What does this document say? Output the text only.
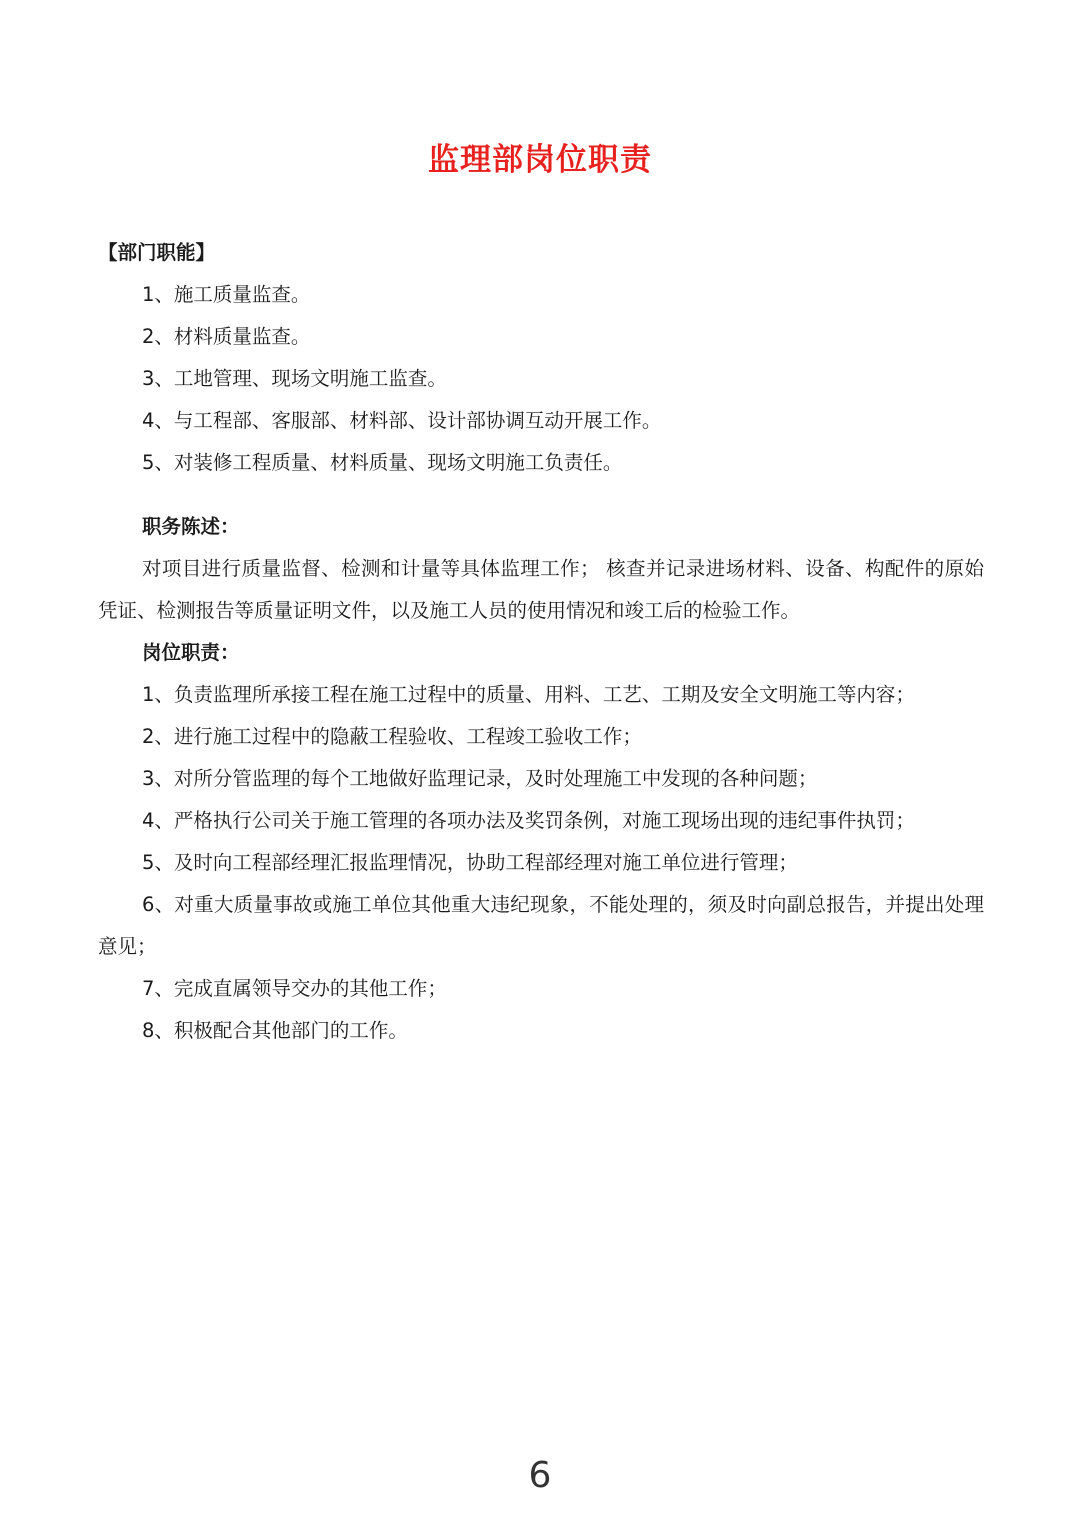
监理部岗位职责
【部门职能】
1、施工质量监查。
2、材料质量监查。
3、工地管理、现场文明施工监查。
4、与工程部、客服部、材料部、设计部协调互动开展工作。
5、对装修工程质量、材料质量、现场文明施工负责任。
职务陈述：
对项目进行质量监督、检测和计量等具体监理工作； 核查并记录进场材料、设备、构配件的原始凭证、检测报告等质量证明文件，以及施工人员的使用情况和竣工后的检验工作。
岗位职责：
1、负责监理所承接工程在施工过程中的质量、用料、工艺、工期及安全文明施工等内容；
2、进行施工过程中的隐蔽工程验收、工程竣工验收工作；
3、对所分管监理的每个工地做好监理记录，及时处理施工中发现的各种问题；
4、严格执行公司关于施工管理的各项办法及奖罚条例，对施工现场出现的违纪事件执罚；
5、及时向工程部经理汇报监理情况，协助工程部经理对施工单位进行管理；
6、对重大质量事故或施工单位其他重大违纪现象，不能处理的，须及时向副总报告，并提出处理意见；
7、完成直属领导交办的其他工作；
8、积极配合其他部门的工作。
6
